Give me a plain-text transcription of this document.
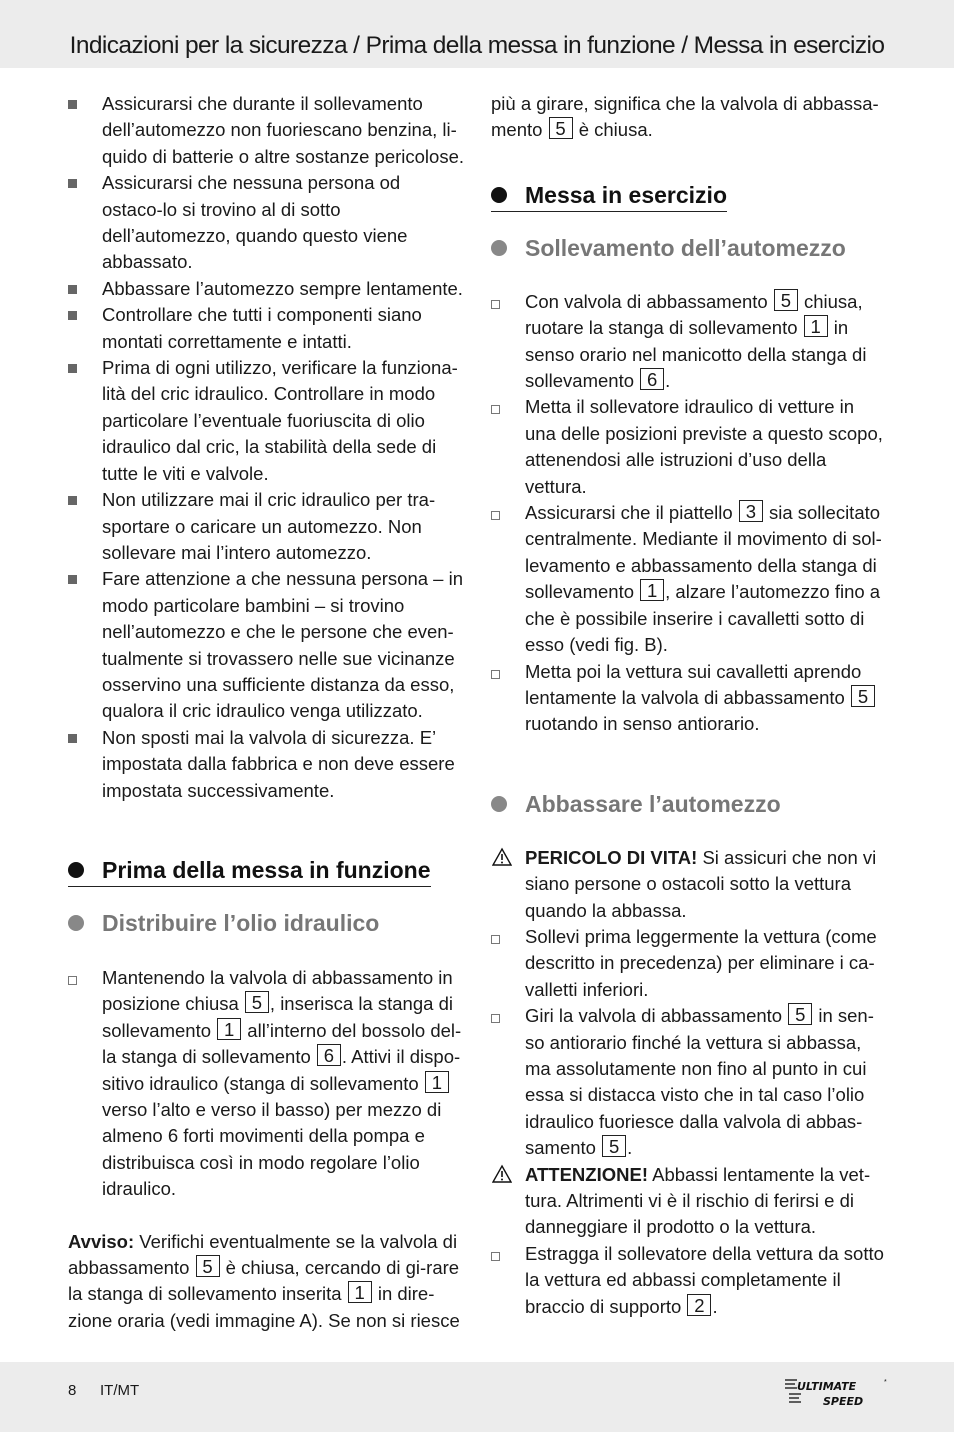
Indicazioni per la sicurezza / Prima della messa in funzione / Messa in esercizio
Assicurarsi che durante il sollevamento dell’automezzo non fuoriescano benzina, li-quido di batterie o altre sostanze pericolose.
Assicurarsi che nessuna persona od ostaco-lo si trovino al di sotto dell’automezzo, quando questo viene abbassato.
Abbassare l’automezzo sempre lentamente.
Controllare che tutti i componenti siano montati correttamente e intatti.
Prima di ogni utilizzo, verificare la funziona-lità del cric idraulico. Controllare in modo particolare l’eventuale fuoriuscita di olio idraulico dal cric, la stabilità della sede di tutte le viti e valvole.
Non utilizzare mai il cric idraulico per tra-sportare o caricare un automezzo. Non sollevare mai l’intero automezzo.
Fare attenzione a che nessuna persona – in modo particolare bambini – si trovino nell’automezzo e che le persone che even-tualmente si trovassero nelle sue vicinanze osservino una sufficiente distanza da esso, qualora il cric idraulico venga utilizzato.
Non sposti mai la valvola di sicurezza. E’ impostata dalla fabbrica e non deve essere impostata successivamente.
Prima della messa in funzione
Distribuire l’olio idraulico
Mantenendo la valvola di abbassamento in posizione chiusa 5 , inserisca la stanga di sollevamento 1 all’interno del bossolo del-la stanga di sollevamento 6 . Attivi il dispo-sitivo idraulico (stanga di sollevamento 1 verso l’alto e verso il basso) per mezzo di almeno 6 forti movimenti della pompa e distribuisca così in modo regolare l’olio idraulico.
Avviso: Verifichi eventualmente se la valvola di abbassamento 5 è chiusa, cercando di gi-rare la stanga di sollevamento inserita 1 in dire-zione oraria (vedi immagine A). Se non si riesce
più a girare, significa che la valvola di abbassa-mento 5 è chiusa.
Messa in esercizio
Sollevamento dell’automezzo
Con valvola di abbassamento 5 chiusa, ruotare la stanga di sollevamento 1 in senso orario nel manicotto della stanga di sollevamento 6 .
Metta il sollevatore idraulico di vetture in una delle posizioni previste a questo scopo, attenendosi alle istruzioni d’uso della vettura.
Assicurarsi che il piattello 3 sia sollecitato centralmente. Mediante il movimento di sol-levamento e abbassamento della stanga di sollevamento 1 , alzare l’automezzo fino a che è possibile inserire i cavalletti sotto di esso (vedi fig. B).
Metta poi la vettura sui cavalletti aprendo lentamente la valvola di abbassamento 5 ruotando in senso antiorario.
Abbassare l’automezzo
PERICOLO DI VITA! Si assicuri che non vi siano persone o ostacoli sotto la vettura quando la abbassa.
Sollevi prima leggermente la vettura (come descritto in precedenza) per eliminare i ca-valletti inferiori.
Giri la valvola di abbassamento 5 in sen-so antiorario finché la vettura si abbassa, ma assolutamente non fino al punto in cui essa si distacca visto che in tal caso l’olio idraulico fuoriesce dalla valvola di abbas-samento 5 .
ATTENZIONE! Abbassi lentamente la vet-tura. Altrimenti vi è il rischio di ferirsi e di danneggiare il prodotto o la vettura.
Estragga il sollevatore della vettura da sotto la vettura ed abbassi completamente il braccio di supporto 2 .
8 IT/MT	ULTIMATE
SPEED
*
